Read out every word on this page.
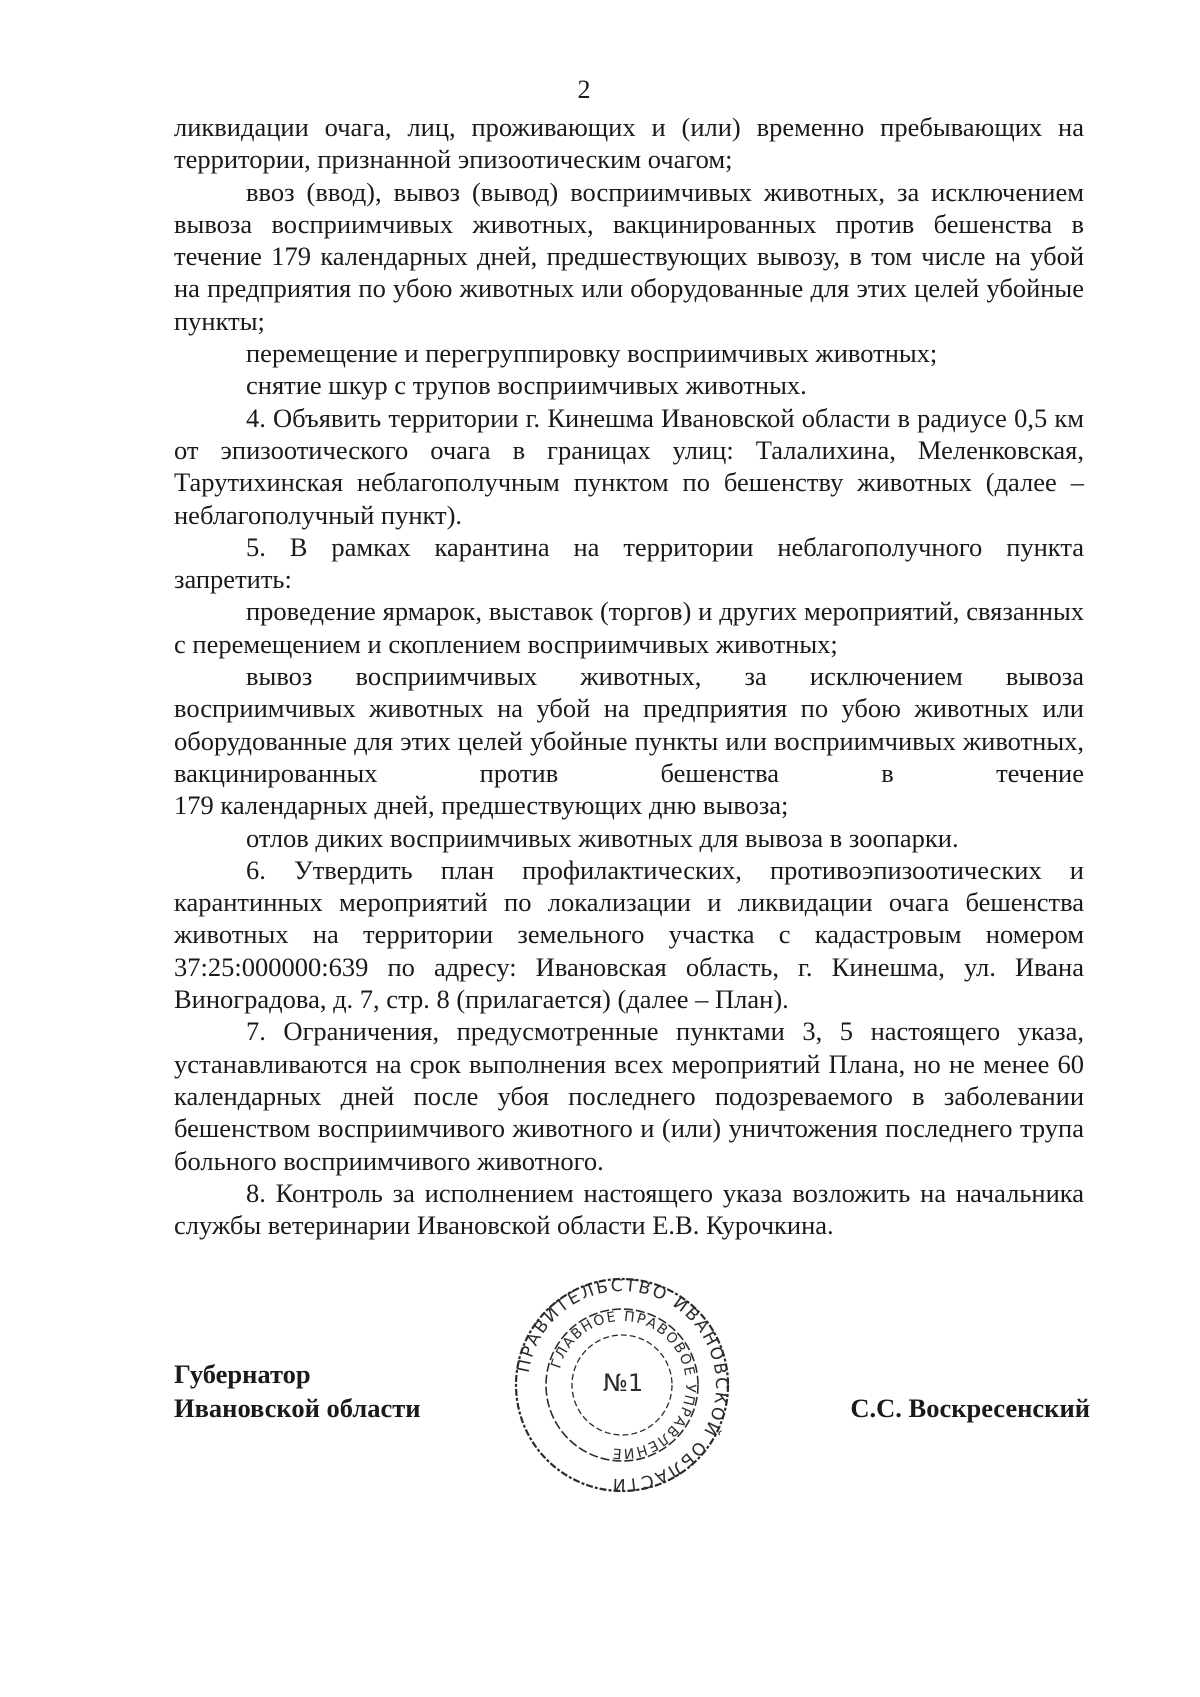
2

ликвидации очага, лиц, проживающих и (или) временно пребывающих на территории, признанной эпизоотическим очагом;

ввоз (ввод), вывоз (вывод) восприимчивых животных, за исключением вывоза восприимчивых животных, вакцинированных против бешенства в течение 179 календарных дней, предшествующих вывозу, в том числе на убой на предприятия по убою животных или оборудованные для этих целей убойные пункты;

перемещение и перегруппировку восприимчивых животных;

снятие шкур с трупов восприимчивых животных.

4. Объявить территории г. Кинешма Ивановской области в радиусе 0,5 км от эпизоотического очага в границах улиц: Талалихина, Меленковская, Тарутихинская неблагополучным пунктом по бешенству животных (далее – неблагополучный пункт).

5. В рамках карантина на территории неблагополучного пункта запретить:

проведение ярмарок, выставок (торгов) и других мероприятий, связанных с перемещением и скоплением восприимчивых животных;

вывоз восприимчивых животных, за исключением вывоза восприимчивых животных на убой на предприятия по убою животных или оборудованные для этих целей убойные пункты или восприимчивых животных, вакцинированных против бешенства в течение

179 календарных дней, предшествующих дню вывоза;

отлов диких восприимчивых животных для вывоза в зоопарки.

6. Утвердить план профилактических, противоэпизоотических и карантинных мероприятий по локализации и ликвидации очага бешенства животных на территории земельного участка с кадастровым номером 37:25:000000:639 по адресу: Ивановская область, г. Кинешма, ул. Ивана Виноградова, д. 7, стр. 8 (прилагается) (далее – План).

7. Ограничения, предусмотренные пунктами 3, 5 настоящего указа, устанавливаются на срок выполнения всех мероприятий Плана, но не менее 60 календарных дней после убоя последнего подозреваемого в заболевании бешенством восприимчивого животного и (или) уничтожения последнего трупа больного восприимчивого животного.

8. Контроль за исполнением настоящего указа возложить на начальника службы ветеринарии Ивановской области Е.В. Курочкина.

Губернатор
Ивановской области
ПРАВИТЕЛЬСТВО ИВАНОВСКОЙ ОБЛАСТИ
ГЛАВНОЕ ПРАВОВОЕ УПРАВЛЕНИЕ
№1
С.С. Воскресенский
